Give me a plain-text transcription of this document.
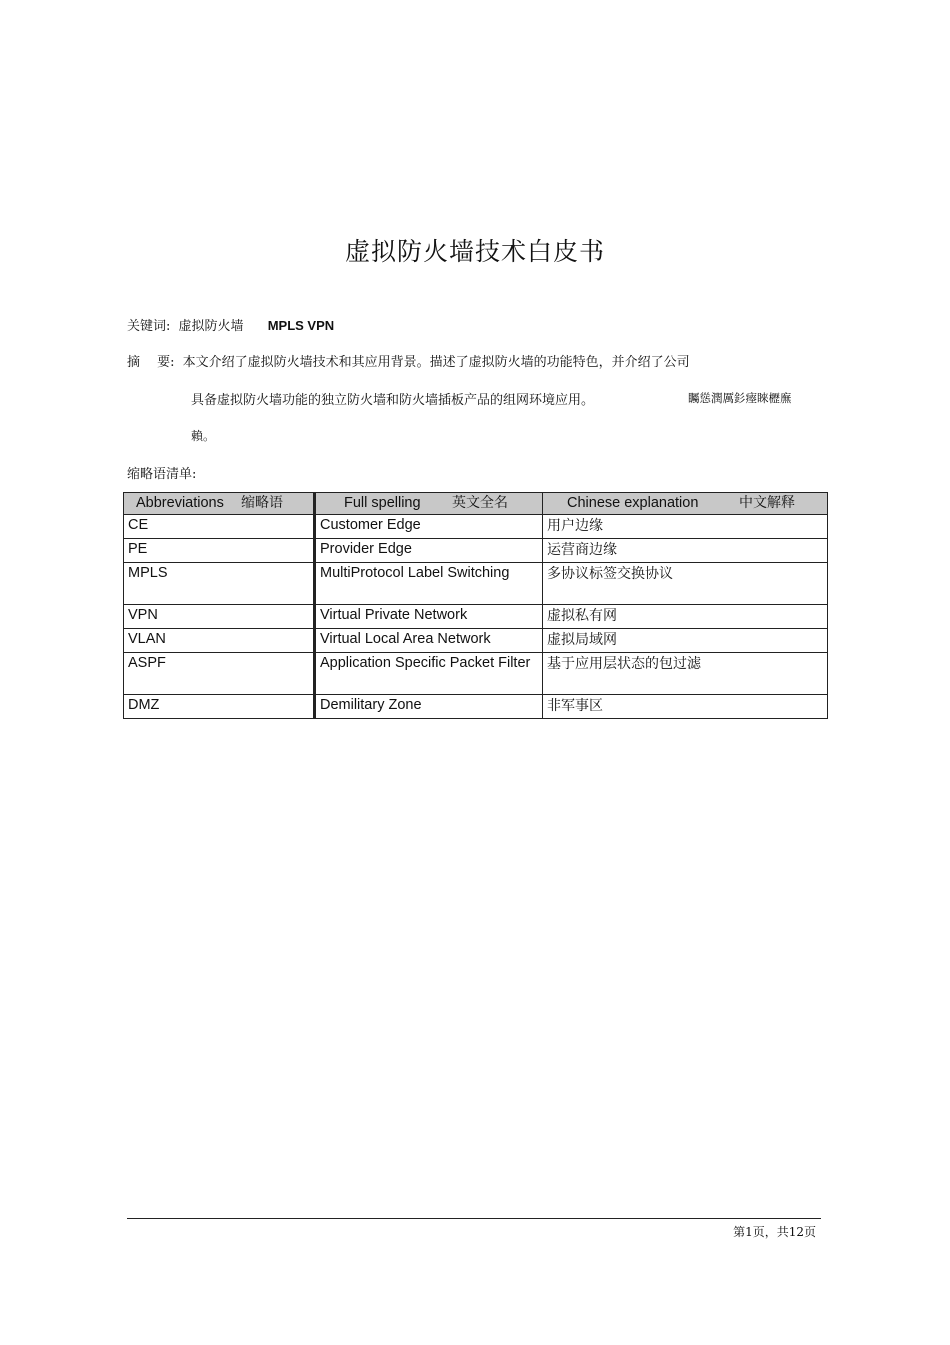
虚拟防火墙技术白皮书
关键词: 虚拟防火墙 MPLS VPN
摘　 要: 本文介绍了虚拟防火墙技术和其应用背景。描述了虚拟防火墙的功能特色，并介绍了公司
具备虚拟防火墙功能的独立防火墙和防火墙插板产品的组网环境应用。	矚慫潤厲釤瘞睞櫪廡
賴。
缩略语清单:
Abbreviations 缩略语	Full spelling 英文全名	Chinese explanation 中文解释

CE	Customer Edge	用户边缘
PE	Provider Edge	运营商边缘
MPLS	MultiProtocol Label Switching	多协议标签交换协议
VPN	Virtual Private Network	虚拟私有网
VLAN	Virtual Local Area Network	虚拟局域网
ASPF	Application Specific Packet Filter	基于应用层状态的包过滤
DMZ	Demilitary Zone	非军事区
第1页，共12页
